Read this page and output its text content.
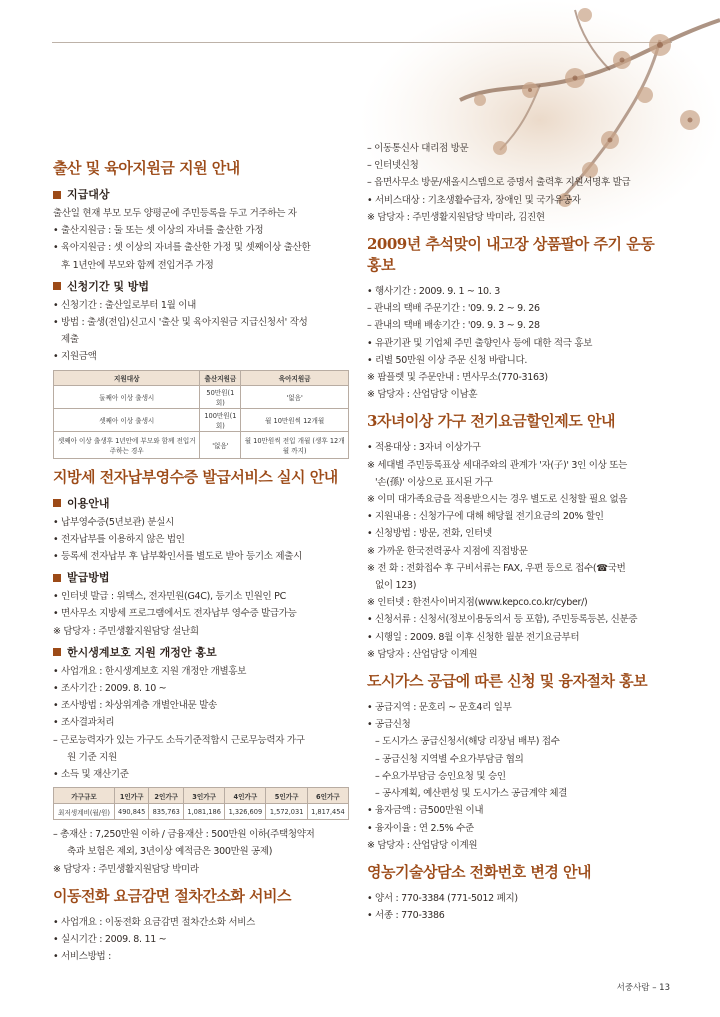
출산 및 육아지원금 지원 안내
지급대상
출산일 현재 부모 모두 양평군에 주민등록을 두고 거주하는 자
• 출산지원금 : 둘 또는 셋 이상의 자녀를 출산한 가정
• 육아지원금 : 셋 이상의 자녀를 출산한 가정 및 셋째이상 출산한
후 1년안에 부모와 함께 전입거주 가정
신청기간 및 방법
• 신청기간 : 출산일로부터 1월 이내
• 방법 : 출생(전입)신고시 '출산 및 육아지원금 지급신청서' 작성
제출
• 지원금액
지원대상	출산지원금	육아지원금
둘째아 이상 출생시	50만원(1회)	'없음'
셋째아 이상 출생시	100만원(1회)	월 10만원씩 12개월
셋째아 이상 출생후 1년안에 부모와 함께 전입거주하는 경우	'없음'	월 10만원씩 전입 개월 (생후 12개월 까지)
지방세 전자납부영수증 발급서비스 실시 안내
이용안내
• 납부영수증(5년보관) 분실시
• 전자납부를 이용하지 않은 법인
• 등록세 전자납부 후 납부확인서를 별도로 받아 등기소 제출시
발급방법
• 인터넷 발급 : 위택스, 전자민원(G4C), 등기소 민원인 PC
• 면사무소 지방세 프로그램에서도 전자납부 영수증 발급가능
※ 담당자 : 주민생활지원담당 설난희
한시생계보호 지원 개정안 홍보
• 사업개요 : 한시생계보호 지원 개정안 개별홍보
• 조사기간 : 2009. 8. 10 ~
• 조사방법 : 차상위계층 개별안내문 발송
• 조사결과처리
– 근로능력자가 있는 가구도 소득기준적합시 근로무능력자 가구
원 기준 지원
• 소득 및 재산기준
가구규모	1인가구	2인가구	3인가구	4인가구	5인가구	6인가구
최저생계비(월/원)	490,845	835,763	1,081,186	1,326,609	1,572,031	1,817,454
– 총재산 : 7,250만원 이하 / 금융재산 : 500만원 이하(주택청약저
축과 보험은 제외, 3년이상 예적금은 300만원 공제)
※ 담당자 : 주민생활지원담당 박미라
이동전화 요금감면 절차간소화 서비스
• 사업개요 : 이동전화 요금감면 절차간소화 서비스
• 실시기간 : 2009. 8. 11 ~
• 서비스방법 :
– 이동통신사 대리점 방문
– 인터넷신청
– 읍면사무소 방문/새올시스템으로 증명서 출력후 지원서명후 발급
• 서비스대상 : 기초생활수급자, 장애인 및 국가유공자
※ 담당자 : 주민생활지원담당 박미라, 김진현
2009년 추석맞이 내고장 상품팔아 주기 운동 홍보
• 행사기간 : 2009. 9. 1 ~ 10. 3
– 관내의 택배 주문기간 : '09. 9. 2 ~ 9. 26
– 관내의 택배 배송기간 : '09. 9. 3 ~ 9. 28
• 유관기관 및 기업체 주민 출향인사 등에 대한 적극 홍보
• 리별 50만원 이상 주문 신청 바랍니다.
※ 팜플렛 및 주문안내 : 면사무소(770-3163)
※ 담당자 : 산업담당 이남훈
3자녀이상 가구 전기요금할인제도 안내
• 적용대상 : 3자녀 이상가구
※ 세대별 주민등록표상 세대주와의 관계가 '자(子)' 3인 이상 또는
'손(孫)' 이상으로 표시된 가구
※ 이미 대가족요금을 적용받으시는 경우 별도로 신청할 필요 없음
• 지원내용 : 신청가구에 대해 해당월 전기요금의 20% 할인
• 신청방법 : 방문, 전화, 인터넷
※ 가까운 한국전력공사 지점에 직접방문
※ 전 화 : 전화접수 후 구비서류는 FAX, 우편 등으로 접수(☎국번
없이 123)
※ 인터넷 : 한전사이버지점(www.kepco.co.kr/cyber/)
• 신청서류 : 신청서(정보이용동의서 등 포함), 주민등록등본, 신분증
• 시행일 : 2009. 8월 이후 신청한 월분 전기요금부터
※ 담당자 : 산업담당 이계원
도시가스 공급에 따른 신청 및 융자절차 홍보
• 공급지역 : 문호리 ~ 문호4리 일부
• 공급신청
– 도시가스 공급신청서(해당 리장님 배부) 접수
– 공급신청 지역별 수요가부담금 협의
– 수요가부담금 승인요청 및 승인
– 공사계획, 예산편성 및 도시가스 공급계약 체결
• 융자금액 : 금500만원 이내
• 융자이율 : 연 2.5% 수준
※ 담당자 : 산업담당 이계원
영농기술상담소 전화번호 변경 안내
• 양서 : 770-3384 (771-5012 폐지)
• 서종 : 770-3386
서중사람 – 13
